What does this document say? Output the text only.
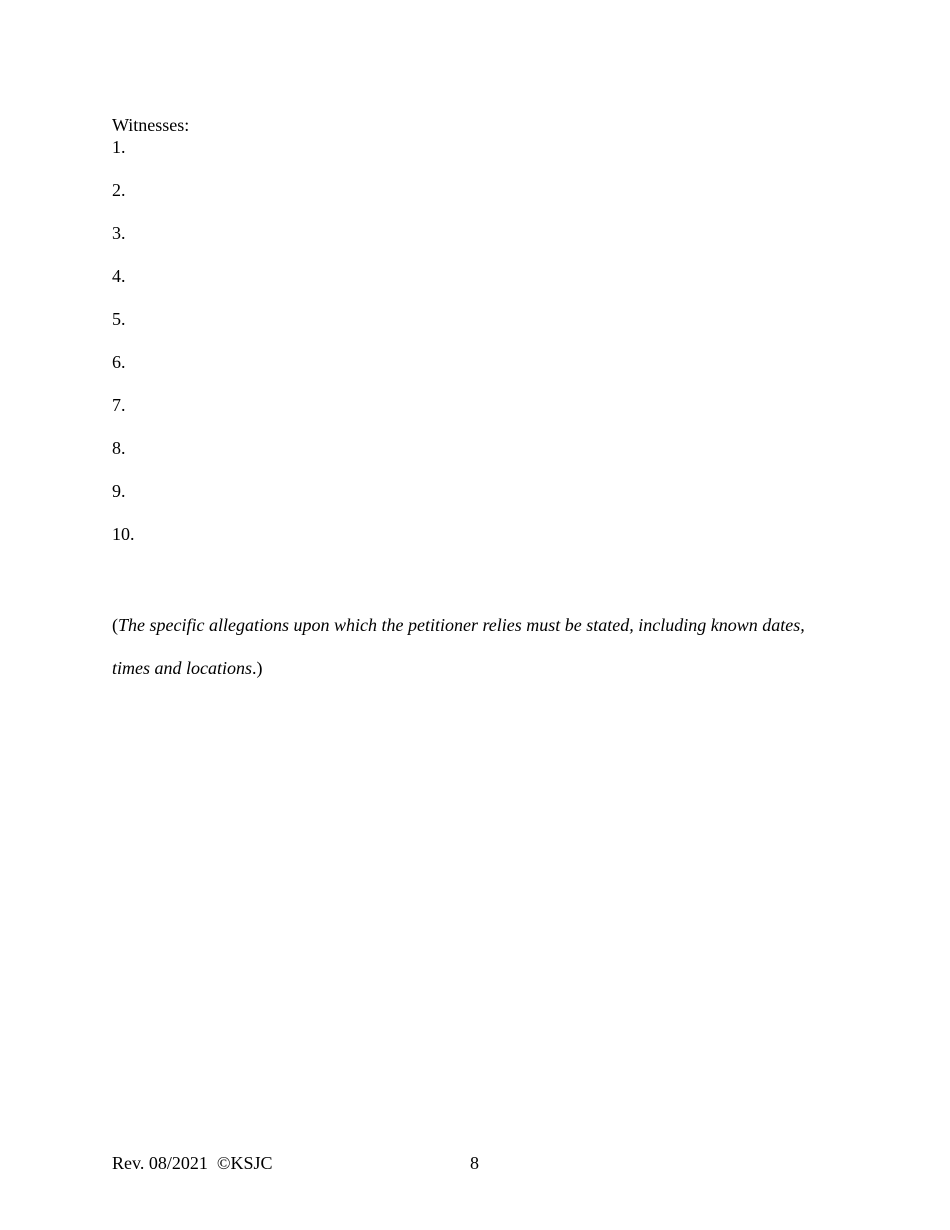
Witnesses:
1.
2.
3.
4.
5.
6.
7.
8.
9.
10.
(The specific allegations upon which the petitioner relies must be stated, including known dates,
times and locations.)
Rev. 08/2021  ©KSJC	8
